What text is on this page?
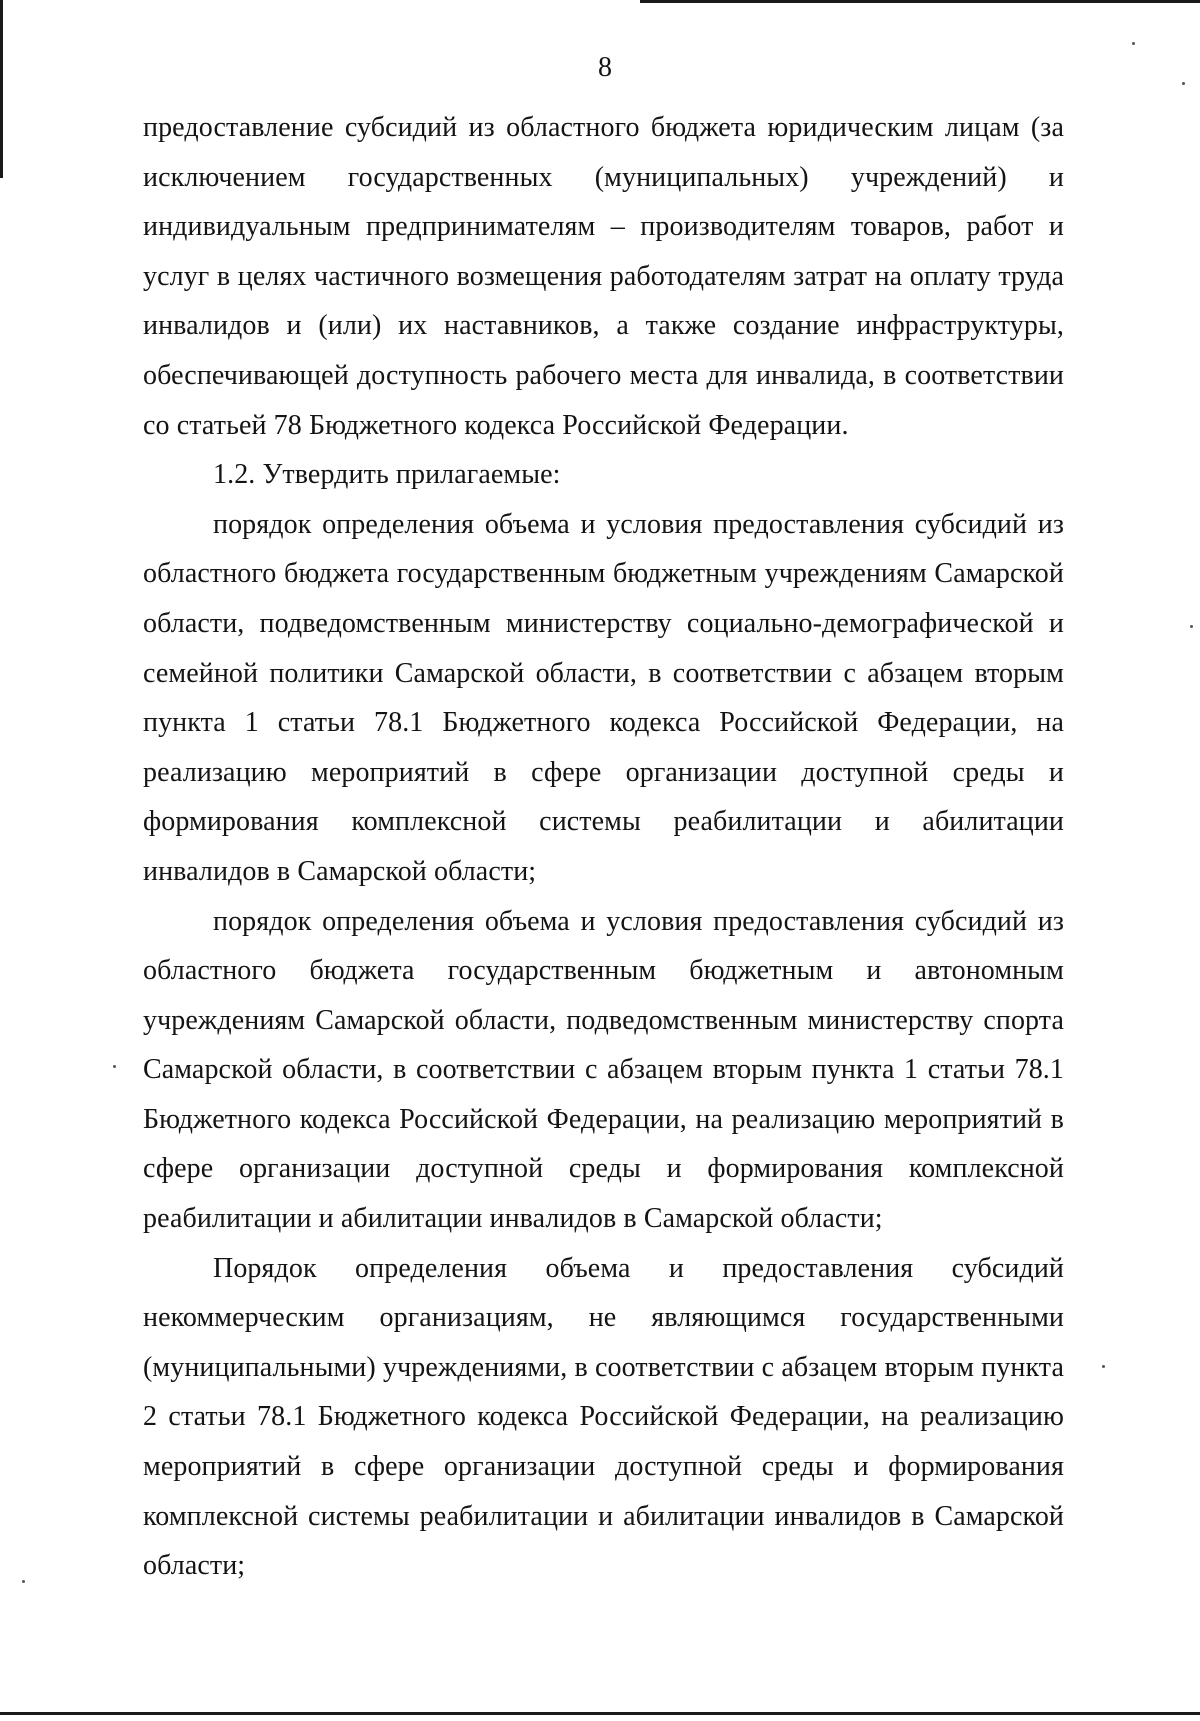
8

предоставление субсидий из областного бюджета юридическим лицам (за исключением государственных (муниципальных) учреждений) и индивидуальным предпринимателям – производителям товаров, работ и услуг в целях частичного возмещения работодателям затрат на оплату труда инвалидов и (или) их наставников, а также создание инфраструктуры, обеспечивающей доступность рабочего места для инвалида, в соответствии со статьей 78 Бюджетного кодекса Российской Федерации.

1.2. Утвердить прилагаемые:

порядок определения объема и условия предоставления субсидий из областного бюджета государственным бюджетным учреждениям Самарской области, подведомственным министерству социально-демографической и семейной политики Самарской области, в соответствии с абзацем вторым пункта 1 статьи 78.1 Бюджетного кодекса Российской Федерации, на реализацию мероприятий в сфере организации доступной среды и формирования комплексной системы реабилитации и абилитации инвалидов в Самарской области;

порядок определения объема и условия предоставления субсидий из областного бюджета государственным бюджетным и автономным учреждениям Самарской области, подведомственным министерству спорта Самарской области, в соответствии с абзацем вторым пункта 1 статьи 78.1 Бюджетного кодекса Российской Федерации, на реализацию мероприятий в сфере организации доступной среды и формирования комплексной реабилитации и абилитации инвалидов в Самарской области;

Порядок определения объема и предоставления субсидий некоммерческим организациям, не являющимся государственными (муниципальными) учреждениями, в соответствии с абзацем вторым пункта 2 статьи 78.1 Бюджетного кодекса Российской Федерации, на реализацию мероприятий в сфере организации доступной среды и формирования комплексной системы реабилитации и абилитации инвалидов в Самарской области;
